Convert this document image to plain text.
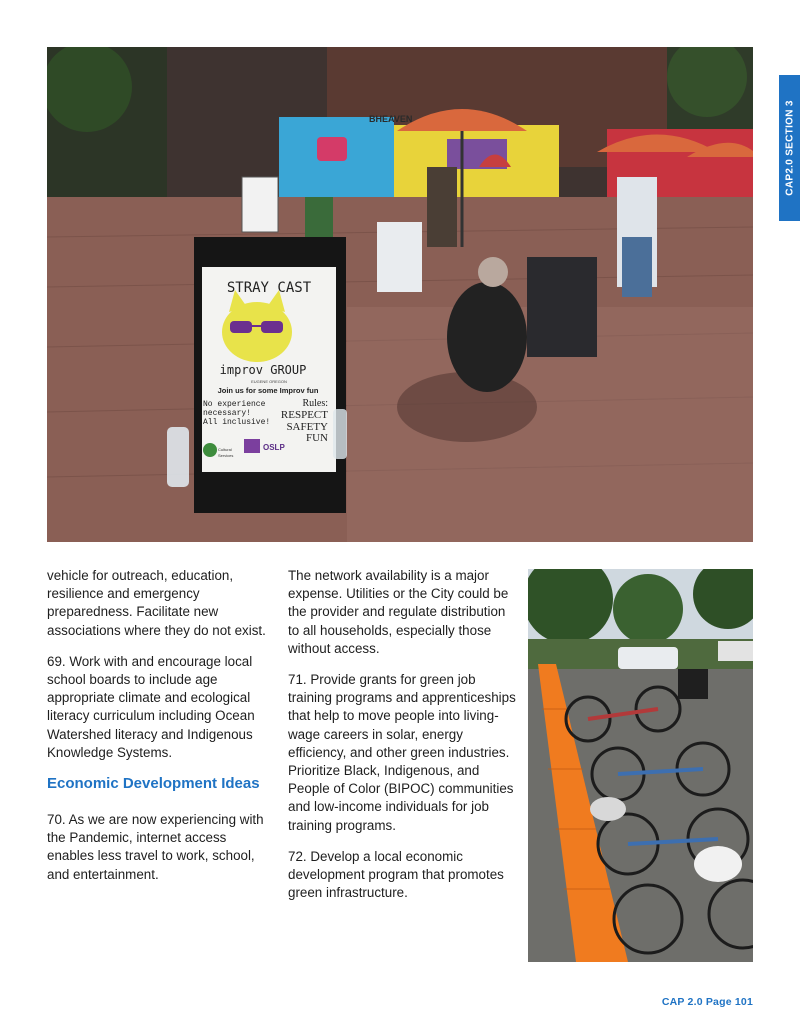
STRAY CAST
improv GROUP
EUGENE OREGON
Join us for some Improv fun
No experience
necessary!
All inclusive!
Rules:
RESPECT
SAFETY
FUN
OSLP
Cultural
Services
BHEAVEN	CAP2.0 SECTION 3

vehicle for outreach, education, resilience and emergency preparedness. Facilitate new associations where they do not exist.

69. Work with and encourage local school boards to include age appropriate climate and ecological literacy curriculum including Ocean Watershed literacy and Indigenous Knowledge Systems.

Economic Development Ideas

70. As we are now experiencing with the Pandemic, internet access enables less travel to work, school, and entertainment.

The network availability is a major expense. Utilities or the City could be the provider and regulate distribution to all households, especially those without access.

71. Provide grants for green job training programs and apprenticeships that help to move people into living-wage careers in solar, energy efficiency, and other green industries. Prioritize Black, Indigenous, and People of Color (BIPOC) communities and low-income individuals for job training programs.

72. Develop a local economic development program that promotes green infrastructure.

CAP 2.0 Page 101
